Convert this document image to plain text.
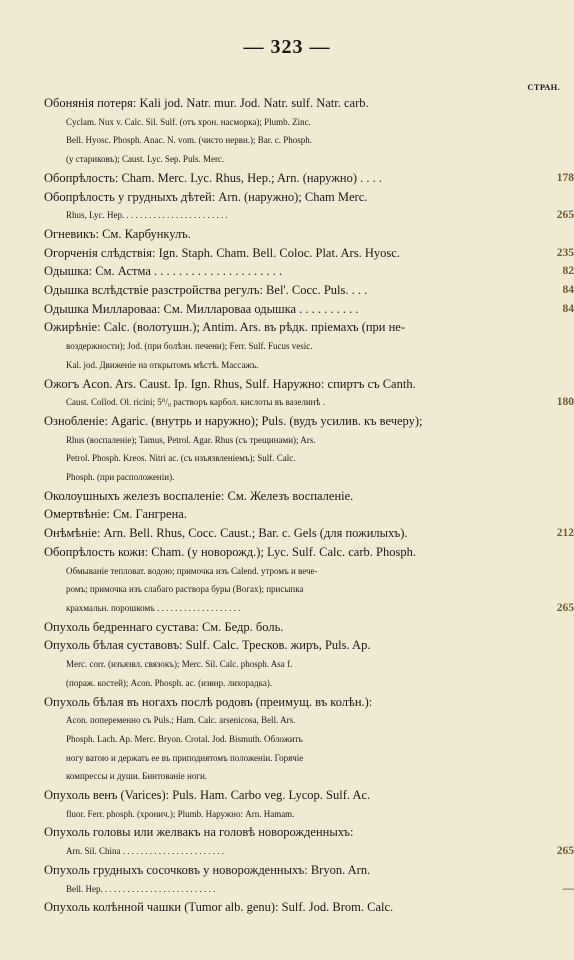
— 323 —
СТРАН.
Обонянія потеря: Kali jod. Natr. mur. Jod. Natr. sulf. Natr. carb.
Cyclam. Nux v. Calc. Sil. Sulf. (отъ хрон. насморка); Plumb. Zinc.
Bell. Hyosc. Phosph. Anac. N. vom. (чисто нервн.); Bar. c. Phosph.
(у стариковъ); Caust. Lyc. Sep. Puls. Merc.
Обопрѣлость: Cham. Merc. Lyc. Rhus, Hep.; Arn. (наружно) . . . .	178
Обопрѣлость у грудныхъ дѣтей: Arn. (наружно); Cham Merc.
Rhus, Lyc. Hep. . . . . . . . . . . . . . . . . . . . . . . .	265
Огневикъ: См. Карбункулъ.
Огорченія слѣдствія: Ign. Staph. Cham. Bell. Coloc. Plat. Ars. Hyosc.	235
Одышка: См. Астма . . . . . . . . . . . . . . . . . . . . .	82
Одышка вслѣдствіе разстройства регулъ: Bel'. Cocc. Puls. . . .	84
Одышка Миллароваа: См. Миллароваа одышка . . . . . . . . . .	84
Ожирѣніе: Calc. (волотушн.); Antim. Ars. въ рѣдк. пріемахъ (при не-
воздержности); Jod. (при болѣзн. печени); Ferr. Sulf. Fucus vesic.
Kal. jod. Движеніе на открытомъ мѣстѣ. Массажъ.
Ожогъ Acon. Ars. Caust. Ip. Ign. Rhus, Sulf. Наружно: спиртъ съ Canth.
Caust. Collod. Ol. ricini; 5⁰/₀ растворъ карбол. кислоты въ вазелинѣ .	180
Ознобленіе: Agaric. (внутрь и наружно); Puls. (вудъ усилив. къ вечеру);
Rhus (воспаленіе); Tamus, Petrol. Agar. Rhus (съ трещинами); Ars.
Petrol. Phosph. Kreos. Nitri ac. (съ изъязвленіемъ); Sulf. Calc.
Phosph. (при расположеніи).
Околоушныхъ железъ воспаленіе: См. Железъ воспаленіе.
Омертвѣніе: См. Гангрена.
Онѣмѣніе: Arn. Bell. Rhus, Cocc. Caust.; Bar. c. Gels (для пожилыхъ).	212
Обопрѣлость кожи: Cham. (у новорожд.); Lyc. Sulf. Calc. carb. Phosph.
Обмываніе тепловат. водою; примочка изъ Calend. утромъ и вече-
ромъ; примочка изъ слабаго раствора буры (Вогах); присыпка
крахмальн. порошкомъ . . . . . . . . . . . . . . . . . . .	265
Опухоль бедреннаго сустава: См. Бедр. боль.
Опухоль бѣлая суставовъ: Sulf. Calc. Тресков. жиръ, Puls. Ap.
Merc. corr. (изъязвл. связокъ); Merc. Sil. Calc. phosph. Asa f.
(пораж. костей); Acon. Phosph. ac. (извнр. лихорадка).
Опухоль бѣлая въ ногахъ послѣ родовъ (преимущ. въ колѣн.):
Acon. попеременно съ Puls.; Ham. Calc. arsenicosa, Bell. Ars.
Phosph. Lach. Ap. Merc. Bryon. Crotal. Jod. Bismuth. Обложить
ногу ватою и держать ее въ приподнятомъ положеніи. Горячіе
компрессы и души. Бинтованіе ноги.
Опухоль венъ (Varices): Puls. Ham. Carbo veg. Lycop. Sulf. Ac.
fluor. Ferr. phosph. (хронич.); Plumb. Наружно: Arn. Hamam.
Опухоль головы или желвакъ на головѣ новорожденныхъ:
Arn. Sil. China . . . . . . . . . . . . . . . . . . . . . . .	265
Опухоль грудныхъ сосочковъ у новорожденныхъ: Bryon. Arn.
Bell. Hep. . . . . . . . . . . . . . . . . . . . . . . . . .	—
Опухоль колѣнной чашки (Tumor alb. genu): Sulf. Jod. Brom. Calc.
